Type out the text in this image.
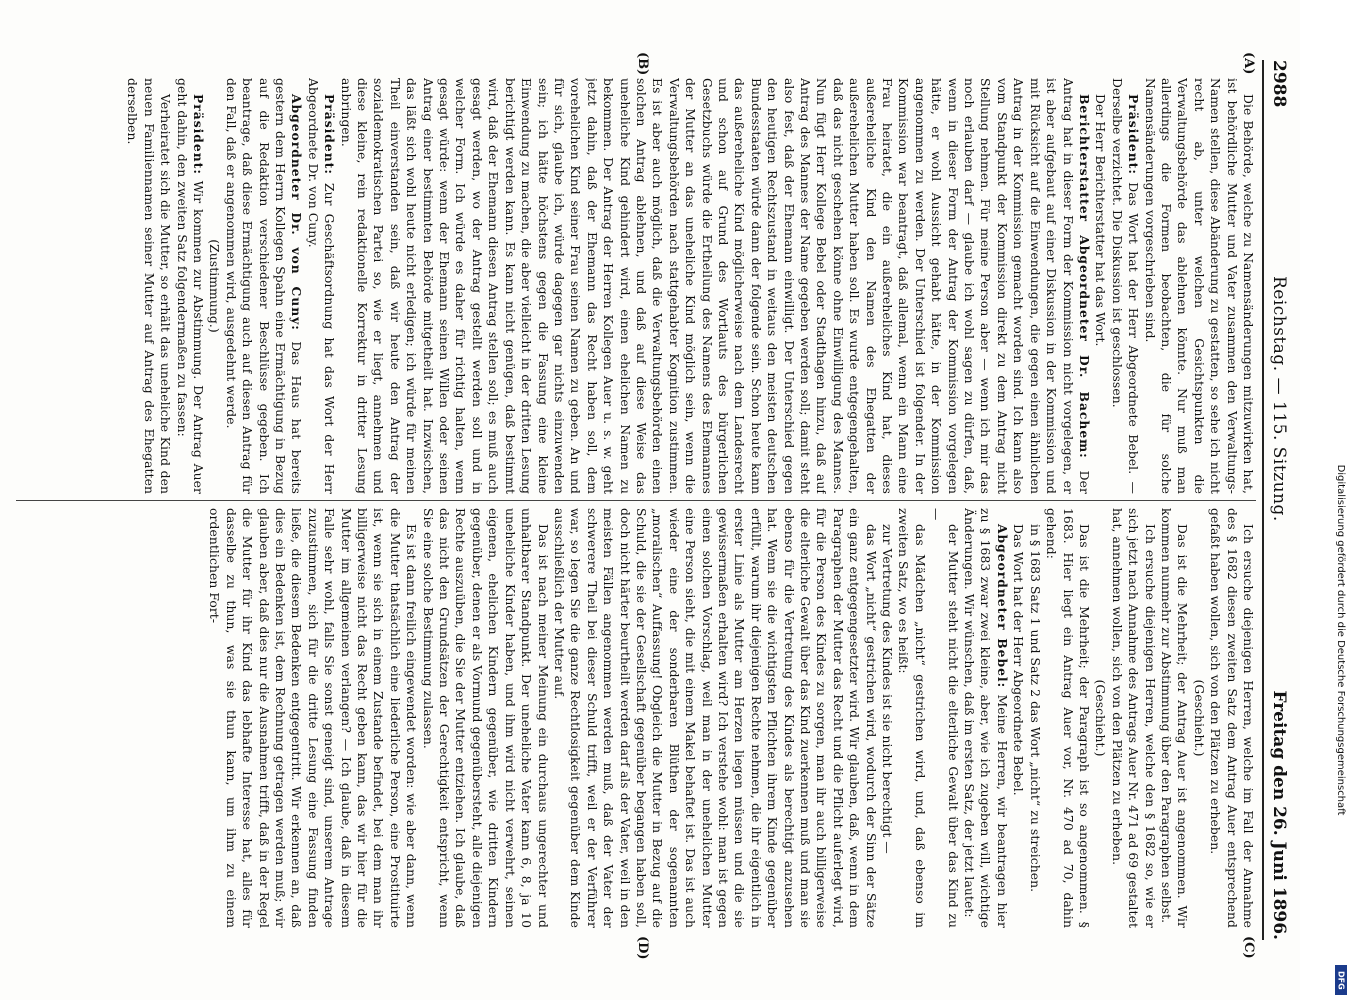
2988
Reichstag. — 115. Sitzung.
Freitag den 26. Juni 1896.
(A)
(B)
(C)
(D)

Die Behörde, welche zu Namensänderungen mitzuwirken hat, ist behördliche Mutter und Vater zusammen den Verwaltungs-Namen stellen, diese Abänderung zu gestatten, so sehe ich nicht recht ab, unter welchen Gesichtspunkten die Verwaltungsbehörde das ablehnen könnte. Nur muß man allerdings die Formen beobachten, die für solche Namensänderungen vorgeschrieben sind.

Präsident: Das Wort hat der Herr Abgeordnete Bebel. — Derselbe verzichtet. Die Diskussion ist geschlossen.

Der Herr Berichterstatter hat das Wort.

Berichterstatter Abgeordneter Dr. Bachem: Der Antrag hat in dieser Form der Kommission nicht vorgelegen, er ist aber aufgebaut auf einer Diskussion in der Kommission und mit Rücksicht auf die Einwendungen, die gegen einen ähnlichen Antrag in der Kommission gemacht worden sind. Ich kann also vom Standpunkt der Kommission direkt zu dem Antrag nicht Stellung nehmen. Für meine Person aber — wenn ich mir das noch erlauben darf — glaube ich wohl sagen zu dürfen, daß, wenn in dieser Form der Antrag der Kommission vorgelegen hätte, er wohl Aussicht gehabt hätte, in der Kommission angenommen zu werden. Der Unterschied ist folgender. In der Kommission war beantragt, daß allemal, wenn ein Mann eine Frau heiratet, die ein außereheliches Kind hat, dieses außereheliche Kind den Namen des Ehegatten der außerehelichen Mutter haben soll. Es wurde entgegengehalten, daß das nicht geschehen könne ohne Einwilligung des Mannes. Nun fügt Herr Kollege Bebel oder Stadthagen hinzu, daß auf Antrag des Mannes der Name gegeben werden soll; damit steht also fest, daß der Ehemann einwilligt. Der Unterschied gegen den heutigen Rechtszustand in weitaus den meisten deutschen Bundesstaaten würde dann der folgende sein. Schon heute kann das außereheliche Kind möglicherweise nach dem Landesrecht und schon auf Grund des Wortlauts des bürgerlichen Gesetzbuchs würde die Ertheilung des Namens des Ehemannes der Mutter an das uneheliche Kind möglich sein, wenn die Verwaltungsbehörden nach stattgehabter Kognition zustimmen. Es ist aber auch möglich, daß die Verwaltungsbehörden einen solchen Antrag ablehnen, und daß auf diese Weise das uneheliche Kind gehindert wird, einen ehelichen Namen zu bekommen. Der Antrag der Herren Kollegen Auer u. s. w. geht jetzt dahin, daß der Ehemann das Recht haben soll, dem vorehelichen Kind seiner Frau seinen Namen zu geben. An und für sich, glaube ich, würde dagegen gar nichts einzuwenden sein; ich hätte höchstens gegen die Fassung eine kleine Einwendung zu machen, die aber vielleicht in der dritten Lesung berichtigt werden kann. Es kann nicht genügen, daß bestimmt wird, daß der Ehemann diesen Antrag stellen soll; es muß auch gesagt werden, wo der Antrag gestellt werden soll und in welcher Form. Ich würde es daher für richtig halten, wenn gesagt würde: wenn der Ehemann seinen Willen oder seinen Antrag einer bestimmten Behörde mitgetheilt hat. Inzwischen, das läßt sich wohl heute nicht erledigen; ich würde für meinen Theil einverstanden sein, daß wir heute den Antrag der sozialdemokratischen Partei so, wie er liegt, annehmen und diese kleine, rein redaktionelle Korrektur in dritter Lesung anbringen.

Präsident: Zur Geschäftsordnung hat das Wort der Herr Abgeordnete Dr. von Cuny.

Abgeordneter Dr. von Cuny: Das Haus hat bereits gestern dem Herrn Kollegen Spahn eine Ermächtigung in Bezug auf die Redaktion verschiedener Beschlüsse gegeben. Ich beantrage, daß diese Ermächtigung auch auf diesen Antrag für den Fall, daß er angenommen wird, ausgedehnt werde.

(Zustimmung.)

Präsident: Wir kommen zur Abstimmung. Der Antrag Auer geht dahin, den zweiten Satz folgendermaßen zu fassen:

Verheiratet sich die Mutter, so erhält das uneheliche Kind den neuen Familiennamen seiner Mutter auf Antrag des Ehegatten derselben.

Ich ersuche diejenigen Herren, welche im Fall der Annahme des § 1682 diesen zweiten Satz dem Antrag Auer entsprechend gefaßt haben wollen, sich von den Plätzen zu erheben.

(Geschieht.)

Das ist die Mehrheit; der Antrag Auer ist angenommen. Wir kommen nunmehr zur Abstimmung über den Paragraphen selbst.

Ich ersuche diejenigen Herren, welche den § 1682 so, wie er sich jetzt nach Annahme des Antrags Auer Nr. 471 ad 69 gestaltet hat, annehmen wollen, sich von den Plätzen zu erheben.

(Geschieht.)

Das ist die Mehrheit; der Paragraph ist so angenommen. § 1683. Hier liegt ein Antrag Auer vor, Nr. 470 ad 70, dahin gehend:

in § 1683 Satz 1 und Satz 2 das Wort „nicht“ zu streichen.

Das Wort hat der Herr Abgeordnete Bebel.

Abgeordneter Bebel: Meine Herren, wir beantragen hier zu § 1683 zwar zwei kleine, aber, wie ich zugeben will, wichtige Änderungen. Wir wünschen, daß im ersten Satz, der jetzt lautet:

der Mutter steht nicht die elterliche Gewalt über das Kind zu —

das Mädchen „nicht“ gestrichen wird, und, daß ebenso im zweiten Satz, wo es heißt:

zur Vertretung des Kindes ist sie nicht berechtigt —

das Wort „nicht“ gestrichen wird, wodurch der Sinn der Sätze ein ganz entgegengesetzter wird. Wir glauben, daß, wenn in dem Paragraphen der Mutter das Recht und die Pflicht auferlegt wird, für die Person des Kindes zu sorgen, man ihr auch billigerweise die elterliche Gewalt über das Kind zuerkennen muß und man sie ebenso für die Vertretung des Kindes als berechtigt anzusehen hat. Wenn sie die wichtigsten Pflichten ihrem Kinde gegenüber erfüllt, warum ihr diejenigen Rechte nehmen, die ihr eigentlich in erster Linie als Mutter am Herzen liegen müssen und die sie gewissermaßen erhalten wird? Ich verstehe wohl: man ist gegen einen solchen Vorschlag, weil man in der unehelichen Mutter eine Person sieht, die mit einem Makel behaftet ist. Das ist auch wieder eine der sonderbaren Blüthen der sogenannten „moralischen“ Auffassung! Obgleich die Mutter in Bezug auf die Schuld, die sie der Gesellschaft gegenüber begangen haben soll, doch nicht härter beurtheilt werden darf als der Vater, weil in den meisten Fällen angenommen werden muß, daß der Vater der schwerere Theil bei dieser Schuld trifft, weil er der Verführer war, so legen Sie die ganze Rechtlosigkeit gegenüber dem Kinde ausschließlich der Mutter auf.

Das ist nach meiner Meinung ein durchaus ungerechter und unhaltbarer Standpunkt. Der uneheliche Vater kann 6, 8, ja 10 uneheliche Kinder haben, und ihm wird nicht verwehrt, seinen eigenen, ehelichen Kindern gegenüber, wie dritten Kindern gegenüber, denen er als Vormund gegenübersteht, alle diejenigen Rechte auszuüben, die Sie der Mutter entziehen. Ich glaube, daß das nicht den Grundsätzen der Gerechtigkeit entspricht, wenn Sie eine solche Bestimmung zulassen.

Es ist dann freilich eingewendet worden: wie aber dann, wenn die Mutter thatsächlich eine liederliche Person, eine Prostituirte ist, wenn sie sich in einem Zustande befindet, bei dem man ihr billigerweise nicht das Recht geben kann, das wir hier für die Mutter im allgemeinen verlangen? — Ich glaube, daß in diesem Falle sehr wohl, falls Sie sonst geneigt sind, unserem Antrage zuzustimmen, sich für die dritte Lesung eine Fassung finden ließe, die diesem Bedenken entgegentritt. Wir erkennen an, daß dies ein Bedenken ist, dem Rechnung getragen werden muß; wir glauben aber, daß dies nur die Ausnahmen trifft, daß in der Regel die Mutter für ihr Kind das lebhafte Interesse hat, alles für dasselbe zu thun, was sie thun kann, um ihm zu einem ordentlichen Fort-	Digitalisierung gefördert durch die Deutsche Forschungsgemeinschaft
DFG
